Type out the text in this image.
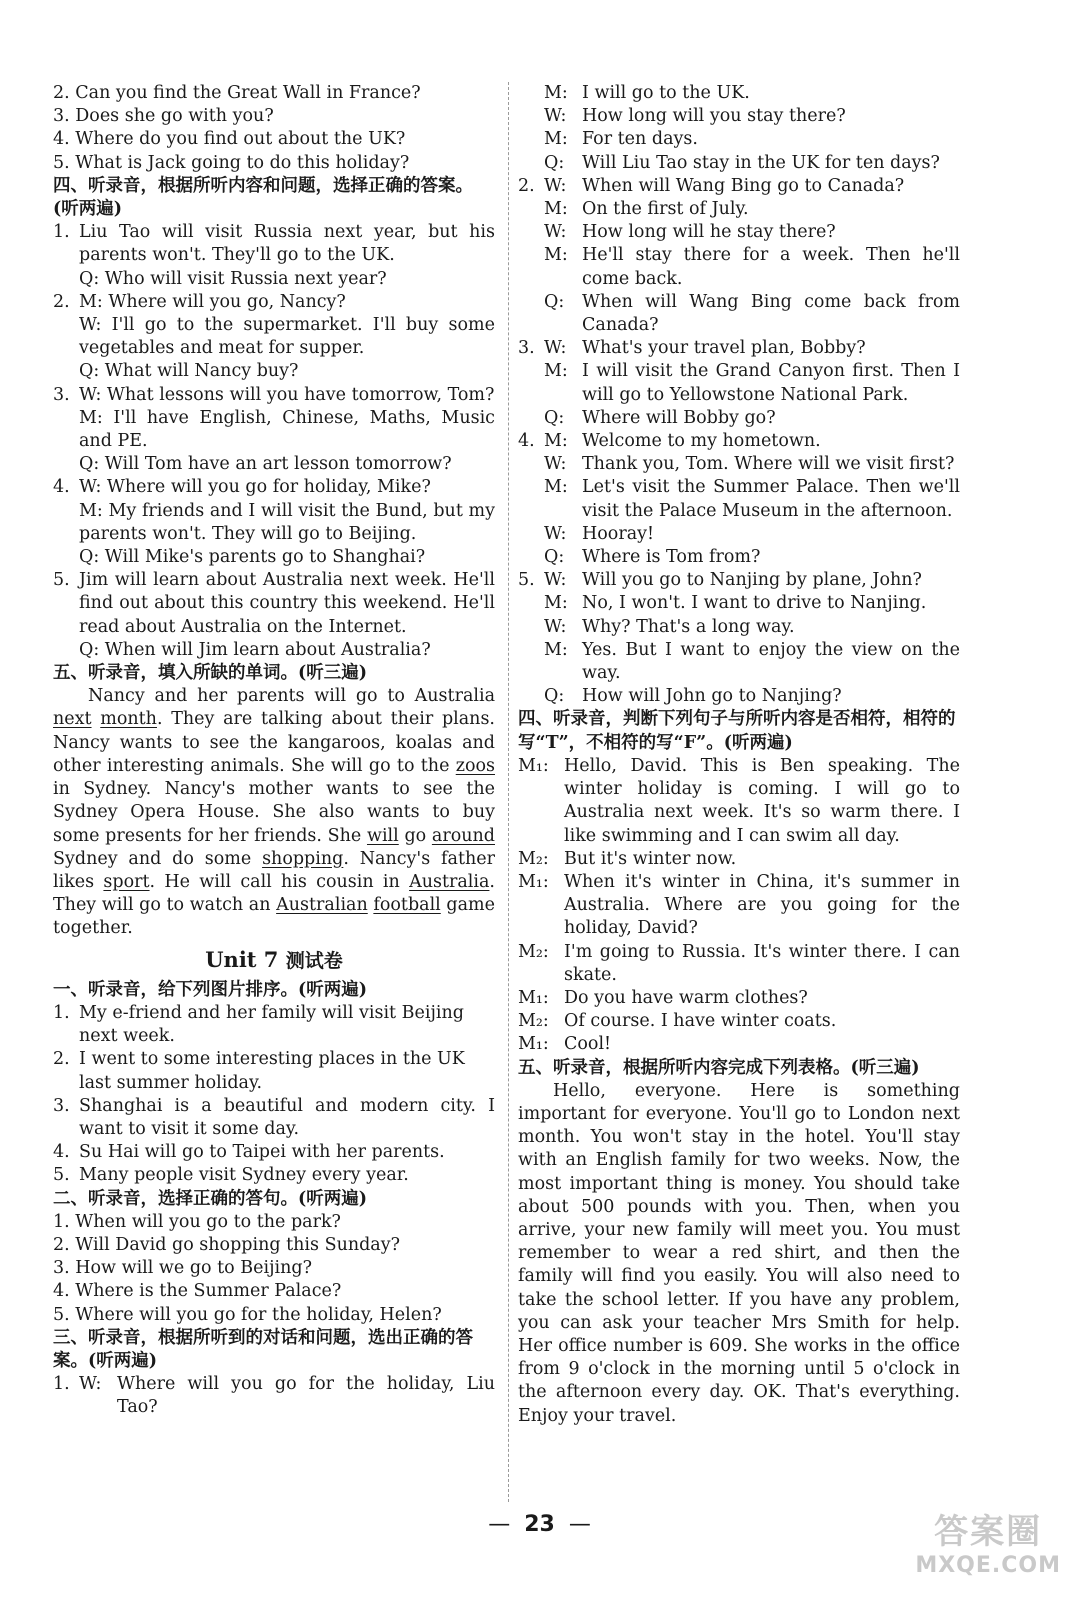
2. Can you find the Great Wall in France?
3. Does she go with you?
4. Where do you find out about the UK?
5. What is Jack going to do this holiday?
四、听录音，根据所听内容和问题，选择正确的答案。(听两遍)
1. Liu Tao will visit Russia next year, but his parents won't. They'll go to the UK.
Q: Who will visit Russia next year?
2. M: Where will you go, Nancy?
W: I'll go to the supermarket. I'll buy some vegetables and meat for supper.
Q: What will Nancy buy?
3. W: What lessons will you have tomorrow, Tom?
M: I'll have English, Chinese, Maths, Music and PE.
Q: Will Tom have an art lesson tomorrow?
4. W: Where will you go for holiday, Mike?
M: My friends and I will visit the Bund, but my parents won't. They will go to Beijing.
Q: Will Mike's parents go to Shanghai?
5. Jim will learn about Australia next week. He'll find out about this country this weekend. He'll read about Australia on the Internet.
Q: When will Jim learn about Australia?
五、听录音，填入所缺的单词。(听三遍)
Nancy and her parents will go to Australia next month. They are talking about their plans. Nancy wants to see the kangaroos, koalas and other interesting animals. She will go to the zoos in Sydney. Nancy's mother wants to see the Sydney Opera House. She also wants to buy some presents for her friends. She will go around Sydney and do some shopping. Nancy's father likes sport. He will call his cousin in Australia. They will go to watch an Australian football game together.
Unit 7 测试卷
一、听录音，给下列图片排序。(听两遍)
1. My e-friend and her family will visit Beijing next week.
2. I went to some interesting places in the UK last summer holiday.
3. Shanghai is a beautiful and modern city. I want to visit it some day.
4. Su Hai will go to Taipei with her parents.
5. Many people visit Sydney every year.
二、听录音，选择正确的答句。(听两遍)
1. When will you go to the park?
2. Will David go shopping this Sunday?
3. How will we go to Beijing?
4. Where is the Summer Palace?
5. Where will you go for the holiday, Helen?
三、听录音，根据所听到的对话和问题，选出正确的答案。(听两遍)
1. W: Where will you go for the holiday, Liu Tao?
M: I will go to the UK.
W: How long will you stay there?
M: For ten days.
Q:	Will Liu Tao stay in the UK for ten days?
2. W: When will Wang Bing go to Canada?
M: On the first of July.
W: How long will he stay there?
M: He'll stay there for a week. Then he'll come back.
Q:	When will Wang Bing come back from Canada?
3. W: What's your travel plan, Bobby?
M: I will visit the Grand Canyon first. Then I will go to Yellowstone National Park.
Q:	Where will Bobby go?
4. M: Welcome to my hometown.
W: Thank you, Tom. Where will we visit first?
M: Let's visit the Summer Palace. Then we'll visit the Palace Museum in the afternoon.
W: Hooray!
Q:	Where is Tom from?
5. W: Will you go to Nanjing by plane, John?
M: No, I won't. I want to drive to Nanjing.
W: Why? That's a long way.
M: Yes. But I want to enjoy the view on the way.
Q:	How will John go to Nanjing?
四、听录音，判断下列句子与所听内容是否相符，相符的写“T”，不相符的写“F”。(听两遍)
M₁: Hello, David. This is Ben speaking. The winter holiday is coming. I will go to Australia next week. It's so warm there. I like swimming and I can swim all day.
M₂: But it's winter now.
M₁: When it's winter in China, it's summer in Australia. Where are you going for the holiday, David?
M₂: I'm going to Russia. It's winter there. I can skate.
M₁: Do you have warm clothes?
M₂: Of course. I have winter coats.
M₁: Cool!
五、听录音，根据所听内容完成下列表格。(听三遍)
Hello, everyone. Here is something important for everyone. You'll go to London next month. You won't stay in the hotel. You'll stay with an English family for two weeks. Now, the most important thing is money. You should take about 500 pounds with you. Then, when you arrive, your new family will meet you. You must remember to wear a red shirt, and then the family will find you easily. You will also need to take the school letter. If you have any problem, you can ask your teacher Mrs Smith for help. Her office number is 609. She works in the office from 9 o'clock in the morning until 5 o'clock in the afternoon every day. OK. That's everything. Enjoy your travel.
— 23 —	答案圈
MXQE.COM
